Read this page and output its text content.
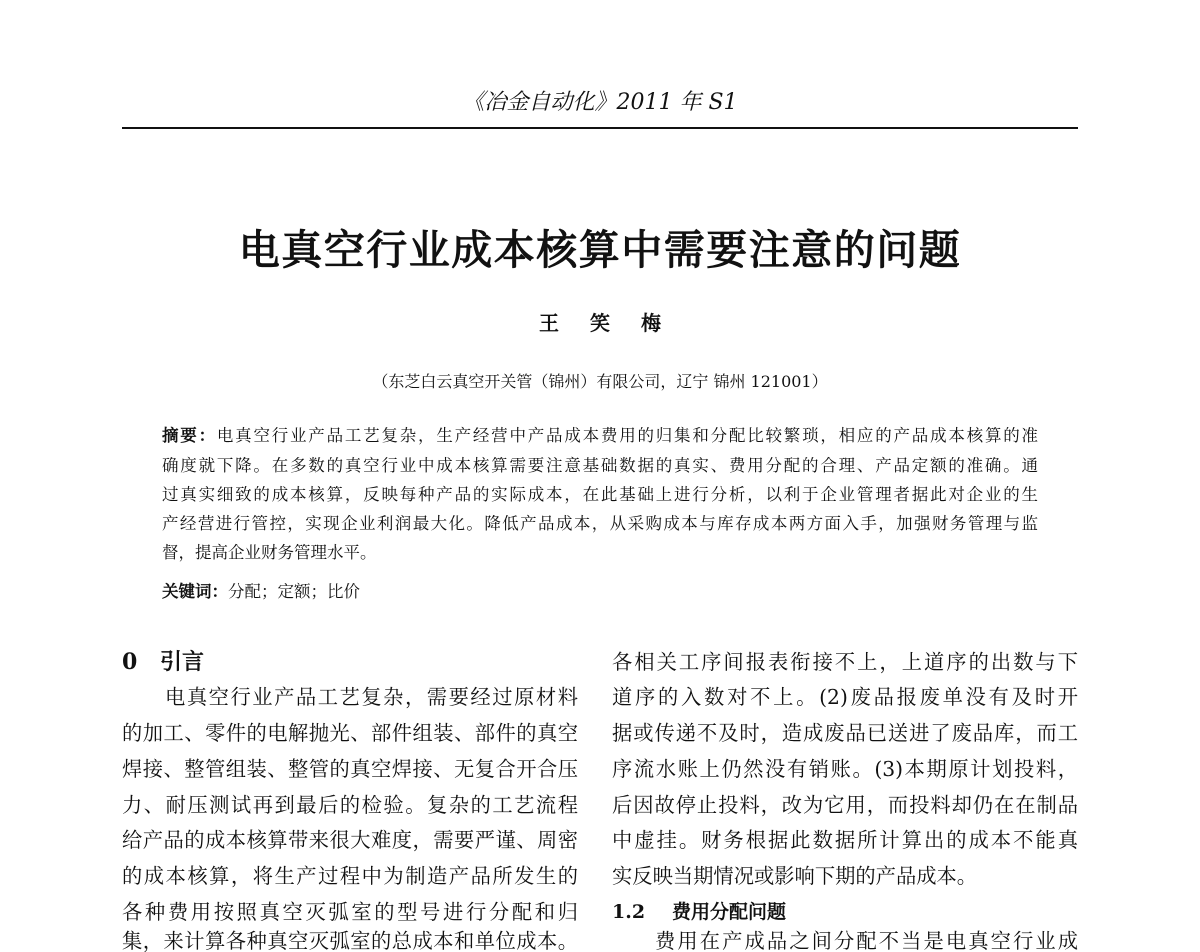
《冶金自动化》2011 年 S1
电真空行业成本核算中需要注意的问题
王 笑 梅
（东芝白云真空开关管（锦州）有限公司，辽宁 锦州 121001）
摘要：电真空行业产品工艺复杂，生产经营中产品成本费用的归集和分配比较繁琐，相应的产品成本核算的准
确度就下降。在多数的真空行业中成本核算需要注意基础数据的真实、费用分配的合理、产品定额的准确。通
过真实细致的成本核算，反映每种产品的实际成本，在此基础上进行分析，以利于企业管理者据此对企业的生
产经营进行管控，实现企业利润最大化。降低产品成本，从采购成本与库存成本两方面入手，加强财务管理与监
督，提高企业财务管理水平。
关键词：分配；定额；比价
0 引言
电真空行业产品工艺复杂，需要经过原材料
的加工、零件的电解抛光、部件组装、部件的真空
焊接、整管组装、整管的真空焊接、无复合开合压
力、耐压测试再到最后的检验。复杂的工艺流程
给产品的成本核算带来很大难度，需要严谨、周密
的成本核算，将生产过程中为制造产品所发生的
各种费用按照真空灭弧室的型号进行分配和归
集，来计算各种真空灭弧室的总成本和单位成本。
各相关工序间报表衔接不上，上道序的出数与下
道序的入数对不上。(2)废品报废单没有及时开
据或传递不及时，造成废品已送进了废品库，而工
序流水账上仍然没有销账。(3)本期原计划投料，
后因故停止投料，改为它用，而投料却仍在在制品
中虚挂。财务根据此数据所计算出的成本不能真
实反映当期情况或影响下期的产品成本。
1.2 费用分配问题
费用在产成品之间分配不当是电真空行业成
